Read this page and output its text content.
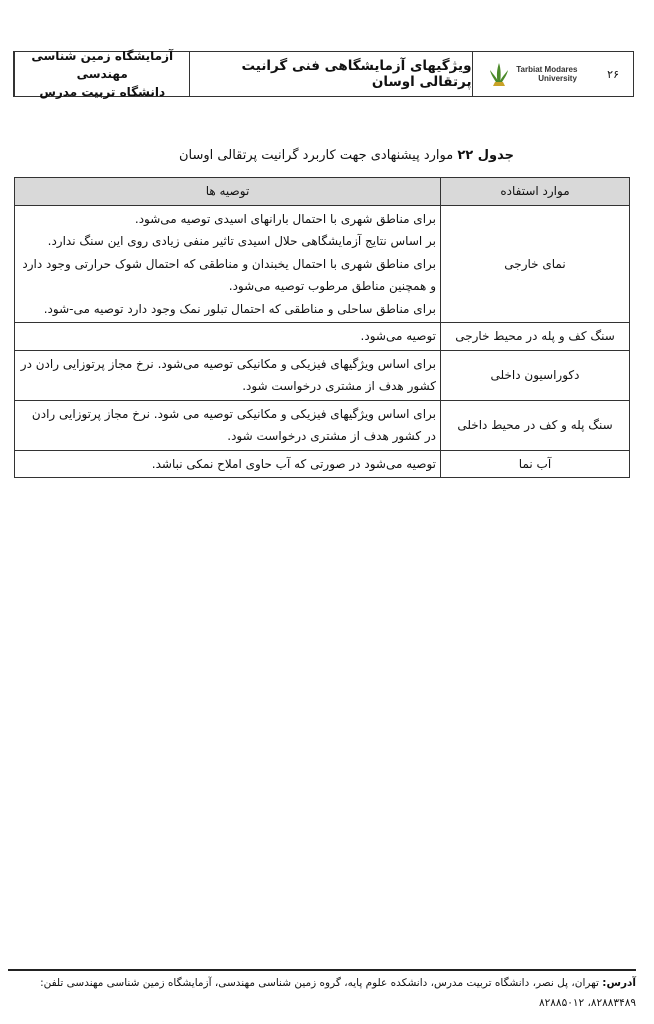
آزمایشگاه زمین شناسی مهندسی
دانشگاه تربیت مدرس
ویژگیهای آزمایشگاهی فنی گرانیت پرتقالی اوسان
Tarbiat Modares
University	۲۶
جدول ۲۲ موارد پیشنهادی جهت کاربرد گرانیت پرتقالی اوسان
موارد استفاده	توصیه ها
نمای خارجی	برای مناطق شهری با احتمال بارانهای اسیدی توصیه می‌شود.

بر اساس نتایج آزمایشگاهی حلال اسیدی تاثیر منفی زیادی روی این سنگ ندارد.

برای مناطق شهری با احتمال یخبندان و مناطقی که احتمال شوک حرارتی وجود دارد و همچنین مناطق مرطوب توصیه می‌شود.

برای مناطق ساحلی و مناطقی که احتمال تبلور نمک وجود دارد توصیه می-شود.

سنگ کف و پله در محیط خارجی	توصیه می‌شود.

دکوراسیون داخلی	برای اساس ویژگیهای فیزیکی و مکانیکی توصیه می‌شود. نرخ مجاز پرتوزایی رادن در کشور هدف از مشتری درخواست شود.

سنگ پله و کف در محیط داخلی	برای اساس ویژگیهای فیزیکی و مکانیکی توصیه می شود. نرخ مجاز پرتوزایی رادن در کشور هدف از مشتری درخواست شود.

آب نما	توصیه می‌شود در صورتی که آب حاوی املاح نمکی نباشد.

آدرس: تهران، پل نصر، دانشگاه تربیت مدرس، دانشکده علوم پایه، گروه زمین شناسی مهندسی، آزمایشگاه زمین شناسی مهندسی تلفن: ۸۲۸۸۳۴۸۹، ۸۲۸۸۵۰۱۲
